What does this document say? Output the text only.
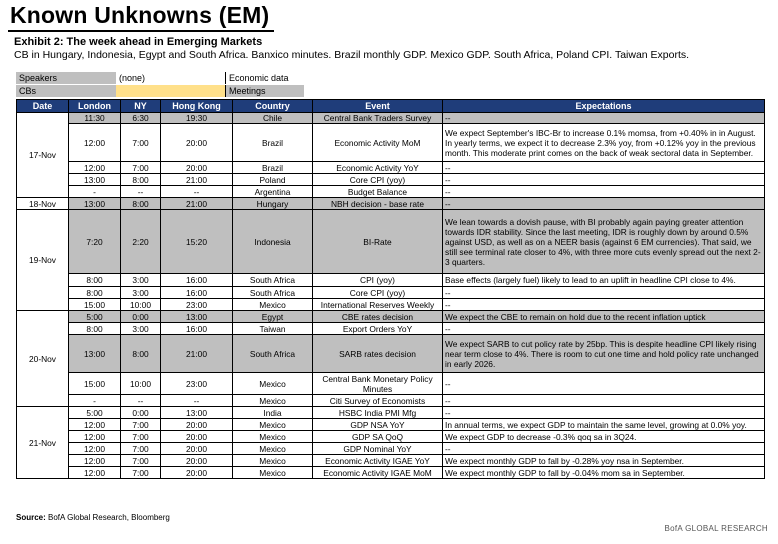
Known Unknowns (EM)
Exhibit 2: The week ahead in Emerging Markets
CB in Hungary, Indonesia, Egypt and South Africa. Banxico minutes. Brazil monthly GDP. Mexico GDP. South Africa, Poland CPI. Taiwan Exports.
Speakers	(none)	Economic data
CBs	Meetings
Date	London	NY	Hong Kong	Country	Event	Expectations
17-Nov	11:30	6:30	19:30	Chile	Central Bank Traders Survey	--
	12:00	7:00	20:00	Brazil	Economic Activity MoM	We expect September's IBC-Br to increase 0.1% momsa, from +0.40% in in August. In yearly terms, we expect it to decrease 2.3% yoy, from +0.12% yoy in the previous month. This moderate print comes on the back of weak sectoral data in September.
	12:00	7:00	20:00	Brazil	Economic Activity YoY	--
	13:00	8:00	21:00	Poland	Core CPI (yoy)	--
	-	--	--	Argentina	Budget Balance	--
18-Nov	13:00	8:00	21:00	Hungary	NBH decision - base rate	--
19-Nov	7:20	2:20	15:20	Indonesia	BI-Rate	We lean towards a dovish pause, with BI probably again paying greater attention towards IDR stability. Since the last meeting, IDR is roughly down by around 0.5% against USD, as well as on a NEER basis (against 6 EM currencies). That said, we still see terminal rate closer to 4%, with three more cuts evenly spread out the next 2-3 quarters.
	8:00	3:00	16:00	South Africa	CPI (yoy)	Base effects (largely fuel) likely to lead to an uplift in headline CPI close to 4%.
	8:00	3:00	16:00	South Africa	Core CPI (yoy)	--
	15:00	10:00	23:00	Mexico	International Reserves Weekly	--
20-Nov	5:00	0:00	13:00	Egypt	CBE rates decision	We expect the CBE to remain on hold due to the recent inflation uptick
	8:00	3:00	16:00	Taiwan	Export Orders YoY	--
	13:00	8:00	21:00	South Africa	SARB rates decision	We expect SARB to cut policy rate by 25bp. This is despite headline CPI likely rising near term close to 4%. There is room to cut one time and hold policy rate unchanged in early 2026.
	15:00	10:00	23:00	Mexico	Central Bank Monetary Policy Minutes	--
	-	--	--	Mexico	Citi Survey of Economists	--
21-Nov	5:00	0:00	13:00	India	HSBC India PMI Mfg	--
	12:00	7:00	20:00	Mexico	GDP NSA YoY	In annual terms, we expect GDP to maintain the same level, growing at 0.0% yoy.
	12:00	7:00	20:00	Mexico	GDP SA QoQ	We expect GDP to decrease -0.3% qoq sa in 3Q24.
	12:00	7:00	20:00	Mexico	GDP Nominal YoY	--
	12:00	7:00	20:00	Mexico	Economic Activity IGAE YoY	We expect monthly GDP to fall by -0.28% yoy nsa in September.
	12:00	7:00	20:00	Mexico	Economic Activity IGAE MoM	We expect monthly GDP to fall by -0.04% mom sa in September.
Source: BofA Global Research, Bloomberg
BofA GLOBAL RESEARCH
